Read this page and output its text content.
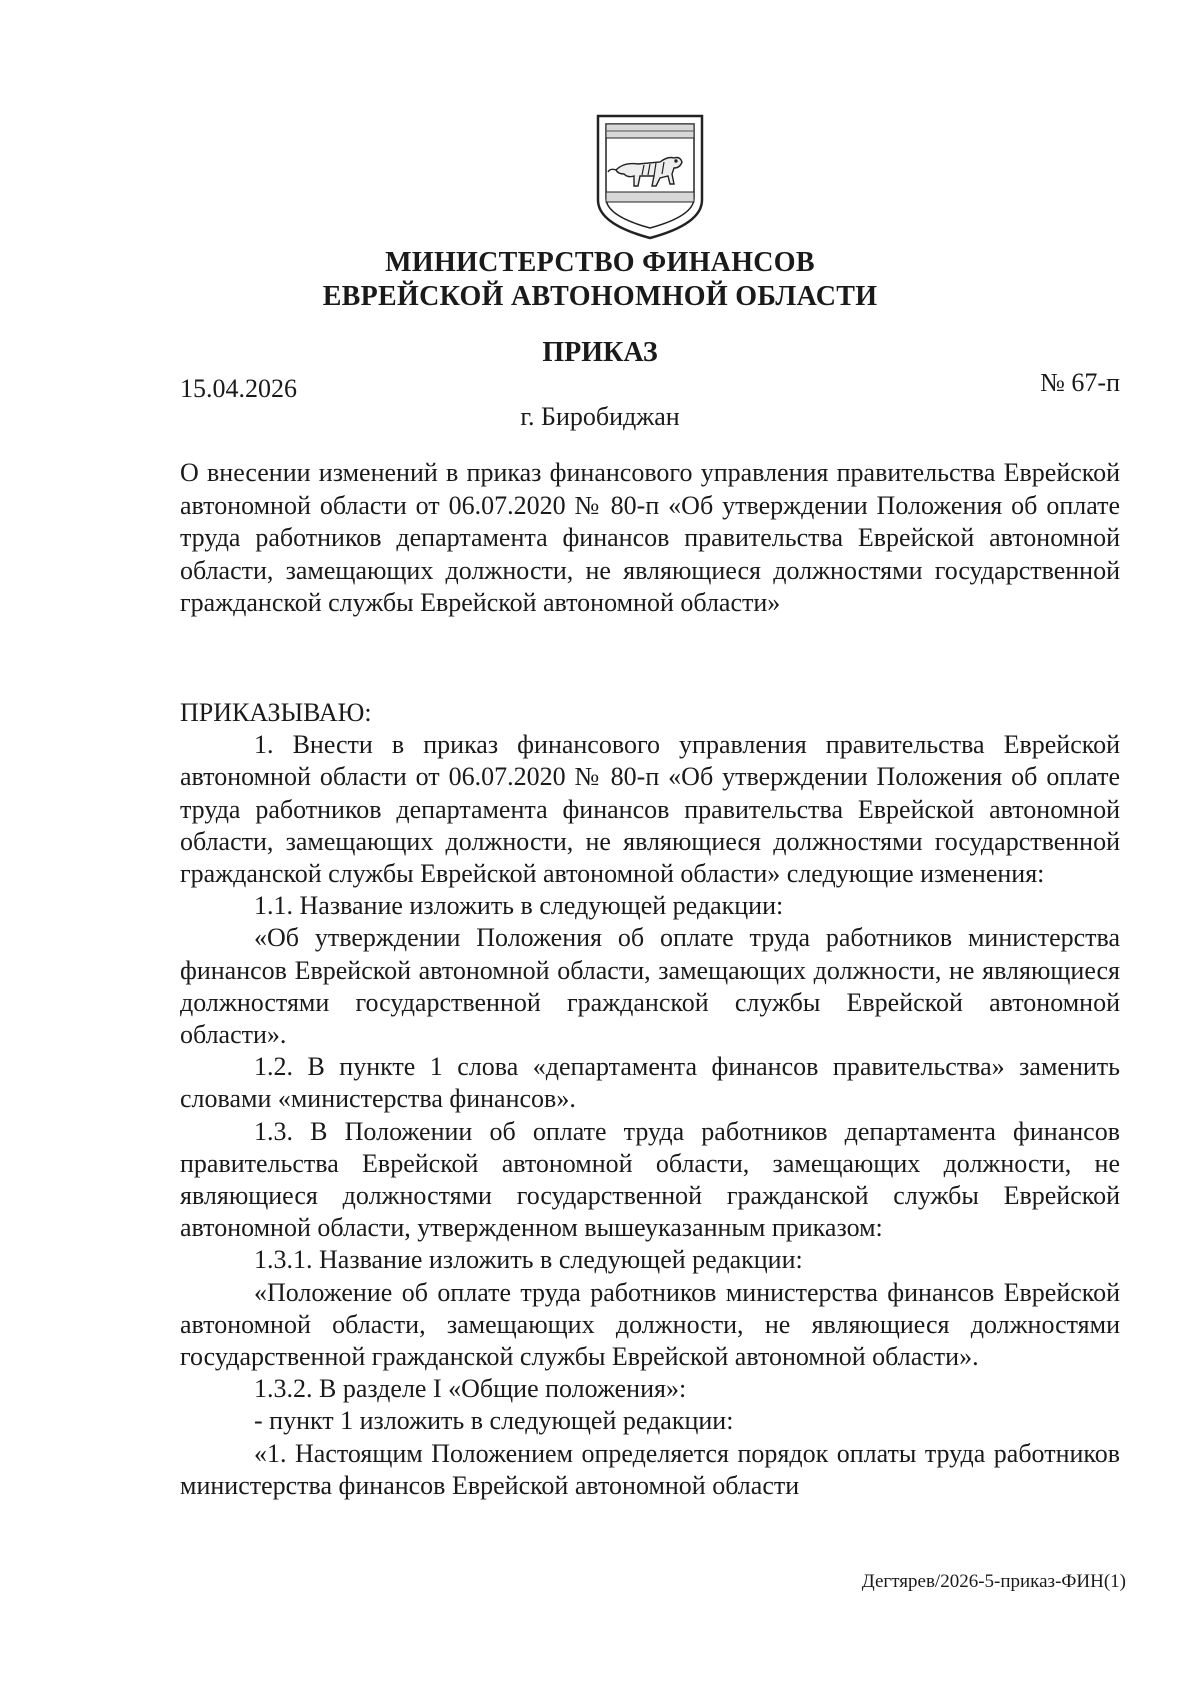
МИНИСТЕРСТВО ФИНАНСОВ
ЕВРЕЙСКОЙ АВТОНОМНОЙ ОБЛАСТИ
ПРИКАЗ
15.04.2026	№ 67-п
г. Биробиджан
О внесении изменений в приказ финансового управления правительства Еврейской автономной области от 06.07.2020 № 80-п «Об утверждении Положения об оплате труда работников департамента финансов правительства Еврейской автономной области, замещающих должности, не являющиеся должностями государственной гражданской службы Еврейской автономной области»

ПРИКАЗЫВАЮ:

1. Внести в приказ финансового управления правительства Еврейской автономной области от 06.07.2020 № 80-п «Об утверждении Положения об оплате труда работников департамента финансов правительства Еврейской автономной области, замещающих должности, не являющиеся должностями государственной гражданской службы Еврейской автономной области» следующие изменения:

1.1. Название изложить в следующей редакции:

«Об утверждении Положения об оплате труда работников министерства финансов Еврейской автономной области, замещающих должности, не являющиеся должностями государственной гражданской службы Еврейской автономной области».

1.2. В пункте 1 слова «департамента финансов правительства» заменить словами «министерства финансов».

1.3. В Положении об оплате труда работников департамента финансов правительства Еврейской автономной области, замещающих должности, не являющиеся должностями государственной гражданской службы Еврейской автономной области, утвержденном вышеуказанным приказом:

1.3.1. Название изложить в следующей редакции:

«Положение об оплате труда работников министерства финансов Еврейской автономной области, замещающих должности, не являющиеся должностями государственной гражданской службы Еврейской автономной области».

1.3.2. В разделе I «Общие положения»:

- пункт 1 изложить в следующей редакции:

«1. Настоящим Положением определяется порядок оплаты труда работников министерства финансов Еврейской автономной области

Дегтярев/2026-5-приказ-ФИН(1)
